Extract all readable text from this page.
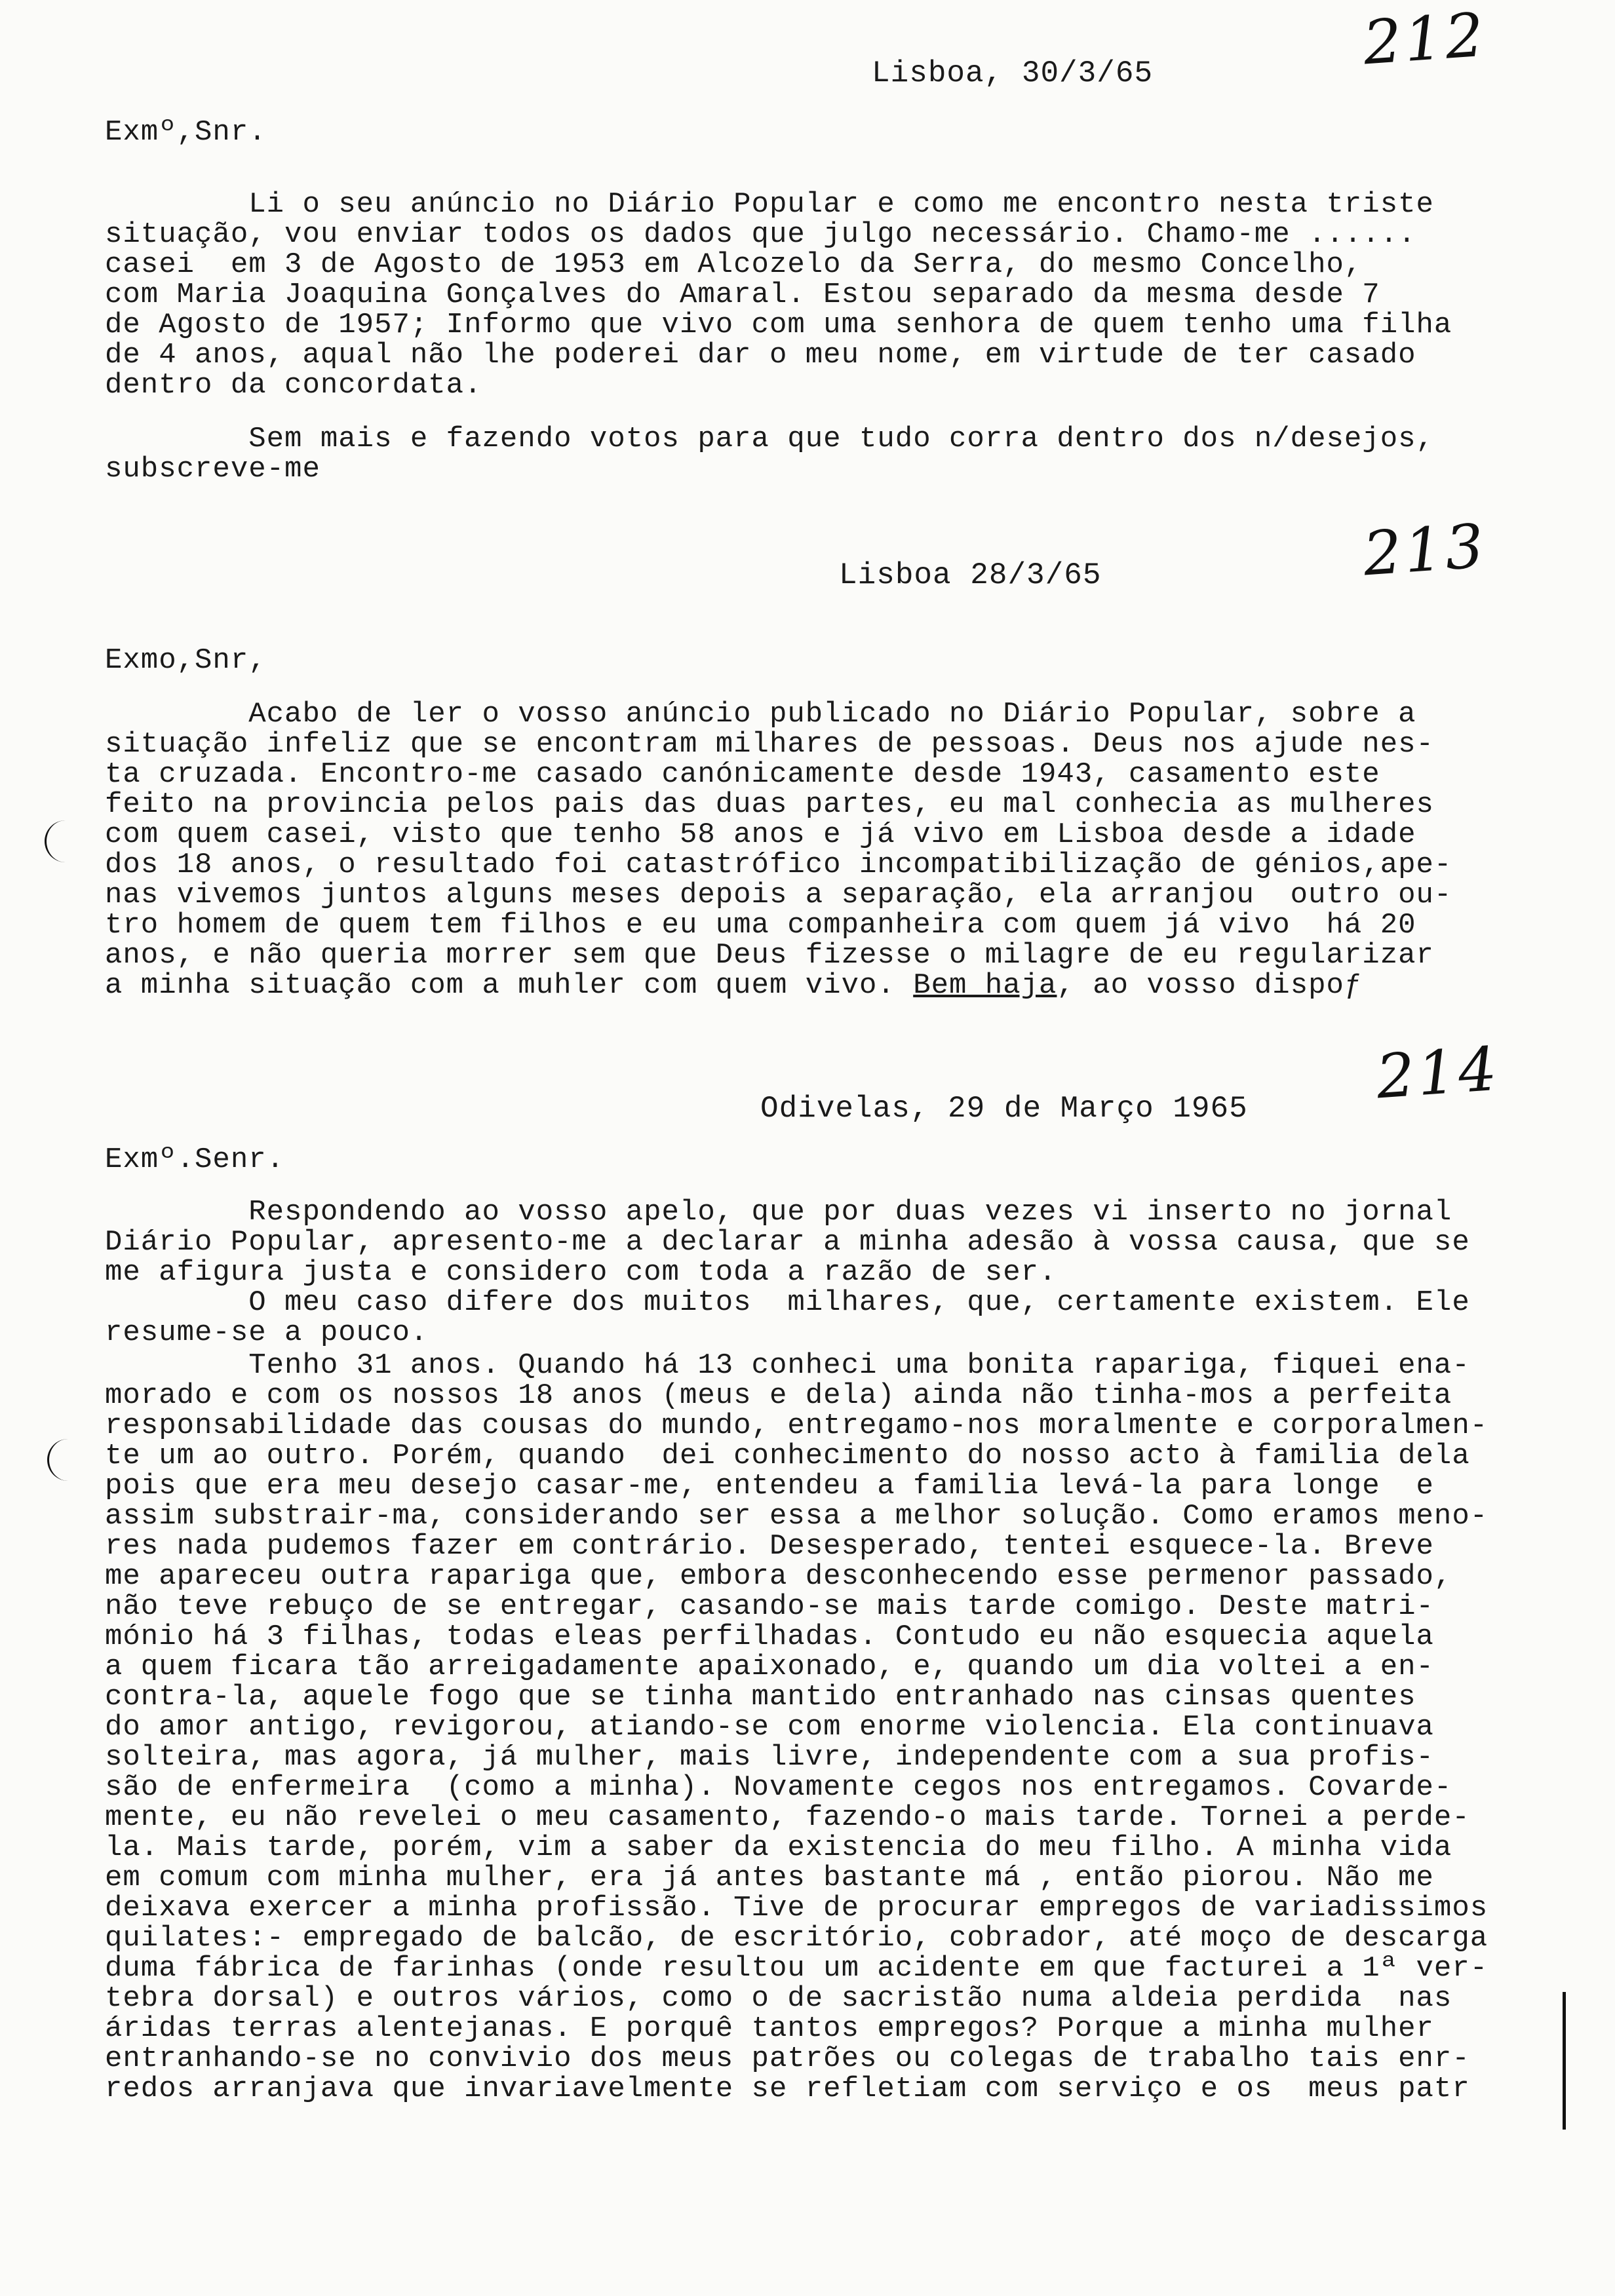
Lisboa, 30/3/65

	212

Exmº,Snr.

Li o seu anúncio no Diário Popular e como me encontro nesta triste

situação, vou enviar todos os dados que julgo necessário. Chamo-me ......

casei  em 3 de Agosto de 1953 em Alcozelo da Serra, do mesmo Concelho,

com Maria Joaquina Gonçalves do Amaral. Estou separado da mesma desde 7

de Agosto de 1957; Informo que vivo com uma senhora de quem tenho uma filha

de 4 anos, aqual não lhe poderei dar o meu nome, em virtude de ter casado

dentro da concordata.

Sem mais e fazendo votos para que tudo corra dentro dos n/desejos,

subscreve-me

Lisboa 28/3/65

	213

Exmo,Snr,

Acabo de ler o vosso anúncio publicado no Diário Popular, sobre a

situação infeliz que se encontram milhares de pessoas. Deus nos ajude nes-

ta cruzada. Encontro-me casado canónicamente desde 1943, casamento este

feito na provincia pelos pais das duas partes, eu mal conhecia as mulheres

com quem casei, visto que tenho 58 anos e já vivo em Lisboa desde a idade

dos 18 anos, o resultado foi catastrófico incompatibilização de génios,ape-

nas vivemos juntos alguns meses depois a separação, ela arranjou  outro ou-

tro homem de quem tem filhos e eu uma companheira com quem já vivo  há 20

anos, e não queria morrer sem que Deus fizesse o milagre de eu regularizar

a minha situação com a muhler com quem vivo. Bem haja, ao vosso dispoƒ

Odivelas, 29 de Março 1965

214

Exmº.Senr.

Respondendo ao vosso apelo, que por duas vezes vi inserto no jornal

Diário Popular, apresento-me a declarar a minha adesão à vossa causa, que se

me afigura justa e considero com toda a razão de ser.

O meu caso difere dos muitos  milhares, que, certamente existem. Ele

resume-se a pouco.

Tenho 31 anos. Quando há 13 conheci uma bonita rapariga, fiquei ena-

morado e com os nossos 18 anos (meus e dela) ainda não tinha-mos a perfeita

responsabilidade das cousas do mundo, entregamo-nos moralmente e corporalmen-

te um ao outro. Porém, quando  dei conhecimento do nosso acto à familia dela

pois que era meu desejo casar-me, entendeu a familia levá-la para longe  e

assim substrair-ma, considerando ser essa a melhor solução. Como eramos meno-

res nada pudemos fazer em contrário. Desesperado, tentei esquece-la. Breve

me apareceu outra rapariga que, embora desconhecendo esse permenor passado,

não teve rebuço de se entregar, casando-se mais tarde comigo. Deste matri-

mónio há 3 filhas, todas eleas perfilhadas. Contudo eu não esquecia aquela

a quem ficara tão arreigadamente apaixonado, e, quando um dia voltei a en-

contra-la, aquele fogo que se tinha mantido entranhado nas cinsas quentes

do amor antigo, revigorou, atiando-se com enorme violencia. Ela continuava

solteira, mas agora, já mulher, mais livre, independente com a sua profis-

são de enfermeira  (como a minha). Novamente cegos nos entregamos. Covarde-

mente, eu não revelei o meu casamento, fazendo-o mais tarde. Tornei a perde-

la. Mais tarde, porém, vim a saber da existencia do meu filho. A minha vida

em comum com minha mulher, era já antes bastante má , então piorou. Não me

deixava exercer a minha profissão. Tive de procurar empregos de variadissimos

quilates:- empregado de balcão, de escritório, cobrador, até moço de descarga

duma fábrica de farinhas (onde resultou um acidente em que facturei a 1ª ver-

tebra dorsal) e outros vários, como o de sacristão numa aldeia perdida  nas

áridas terras alentejanas. E porquê tantos empregos? Porque a minha mulher

entranhando-se no convivio dos meus patrões ou colegas de trabalho tais enr-

redos arranjava que invariavelmente se refletiam com serviço e os  meus patr
